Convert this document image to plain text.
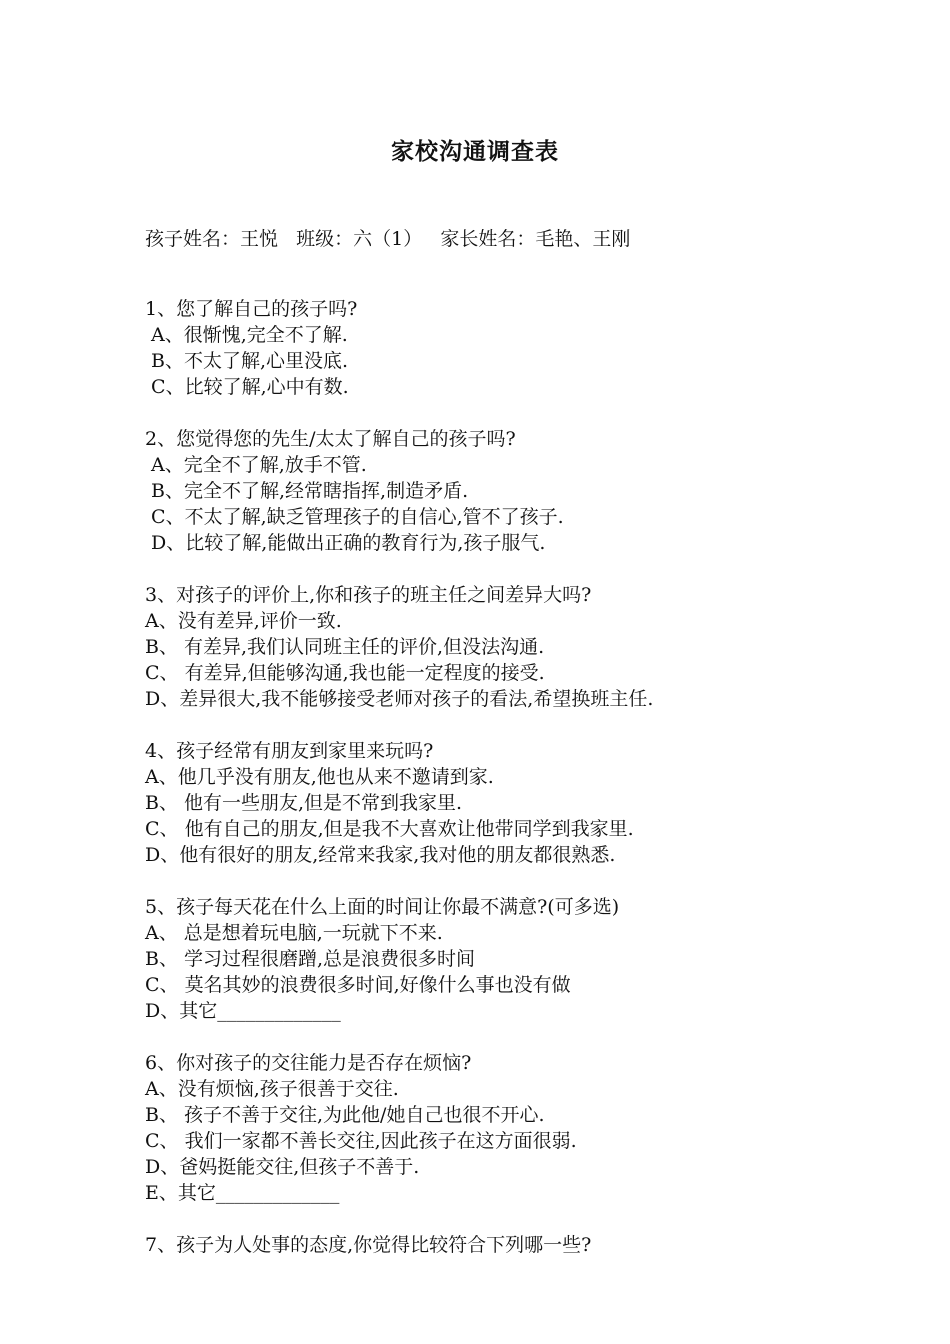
家校沟通调查表
孩子姓名：王悦   班级：六（1）   家长姓名：毛艳、王刚
1、您了解自己的孩子吗?
A、很惭愧,完全不了解.
B、不太了解,心里没底.
C、比较了解,心中有数.
2、您觉得您的先生/太太了解自己的孩子吗?
A、完全不了解,放手不管.
B、完全不了解,经常瞎指挥,制造矛盾.
C、不太了解,缺乏管理孩子的自信心,管不了孩子.
D、比较了解,能做出正确的教育行为,孩子服气.
3、对孩子的评价上,你和孩子的班主任之间差异大吗?
A、没有差异,评价一致.
B、 有差异,我们认同班主任的评价,但没法沟通.
C、 有差异,但能够沟通,我也能一定程度的接受.
D、差异很大,我不能够接受老师对孩子的看法,希望换班主任.
4、孩子经常有朋友到家里来玩吗?
A、他几乎没有朋友,他也从来不邀请到家.
B、 他有一些朋友,但是不常到我家里.
C、 他有自己的朋友,但是我不大喜欢让他带同学到我家里.
D、他有很好的朋友,经常来我家,我对他的朋友都很熟悉.
5、孩子每天花在什么上面的时间让你最不满意?(可多选)
A、 总是想着玩电脑,一玩就下不来.
B、 学习过程很磨蹭,总是浪费很多时间
C、 莫名其妙的浪费很多时间,好像什么事也没有做
D、其它_____________
6、你对孩子的交往能力是否存在烦恼?
A、没有烦恼,孩子很善于交往.
B、 孩子不善于交往,为此他/她自己也很不开心.
C、 我们一家都不善长交往,因此孩子在这方面很弱.
D、爸妈挺能交往,但孩子不善于.
E、其它_____________
7、孩子为人处事的态度,你觉得比较符合下列哪一些?
